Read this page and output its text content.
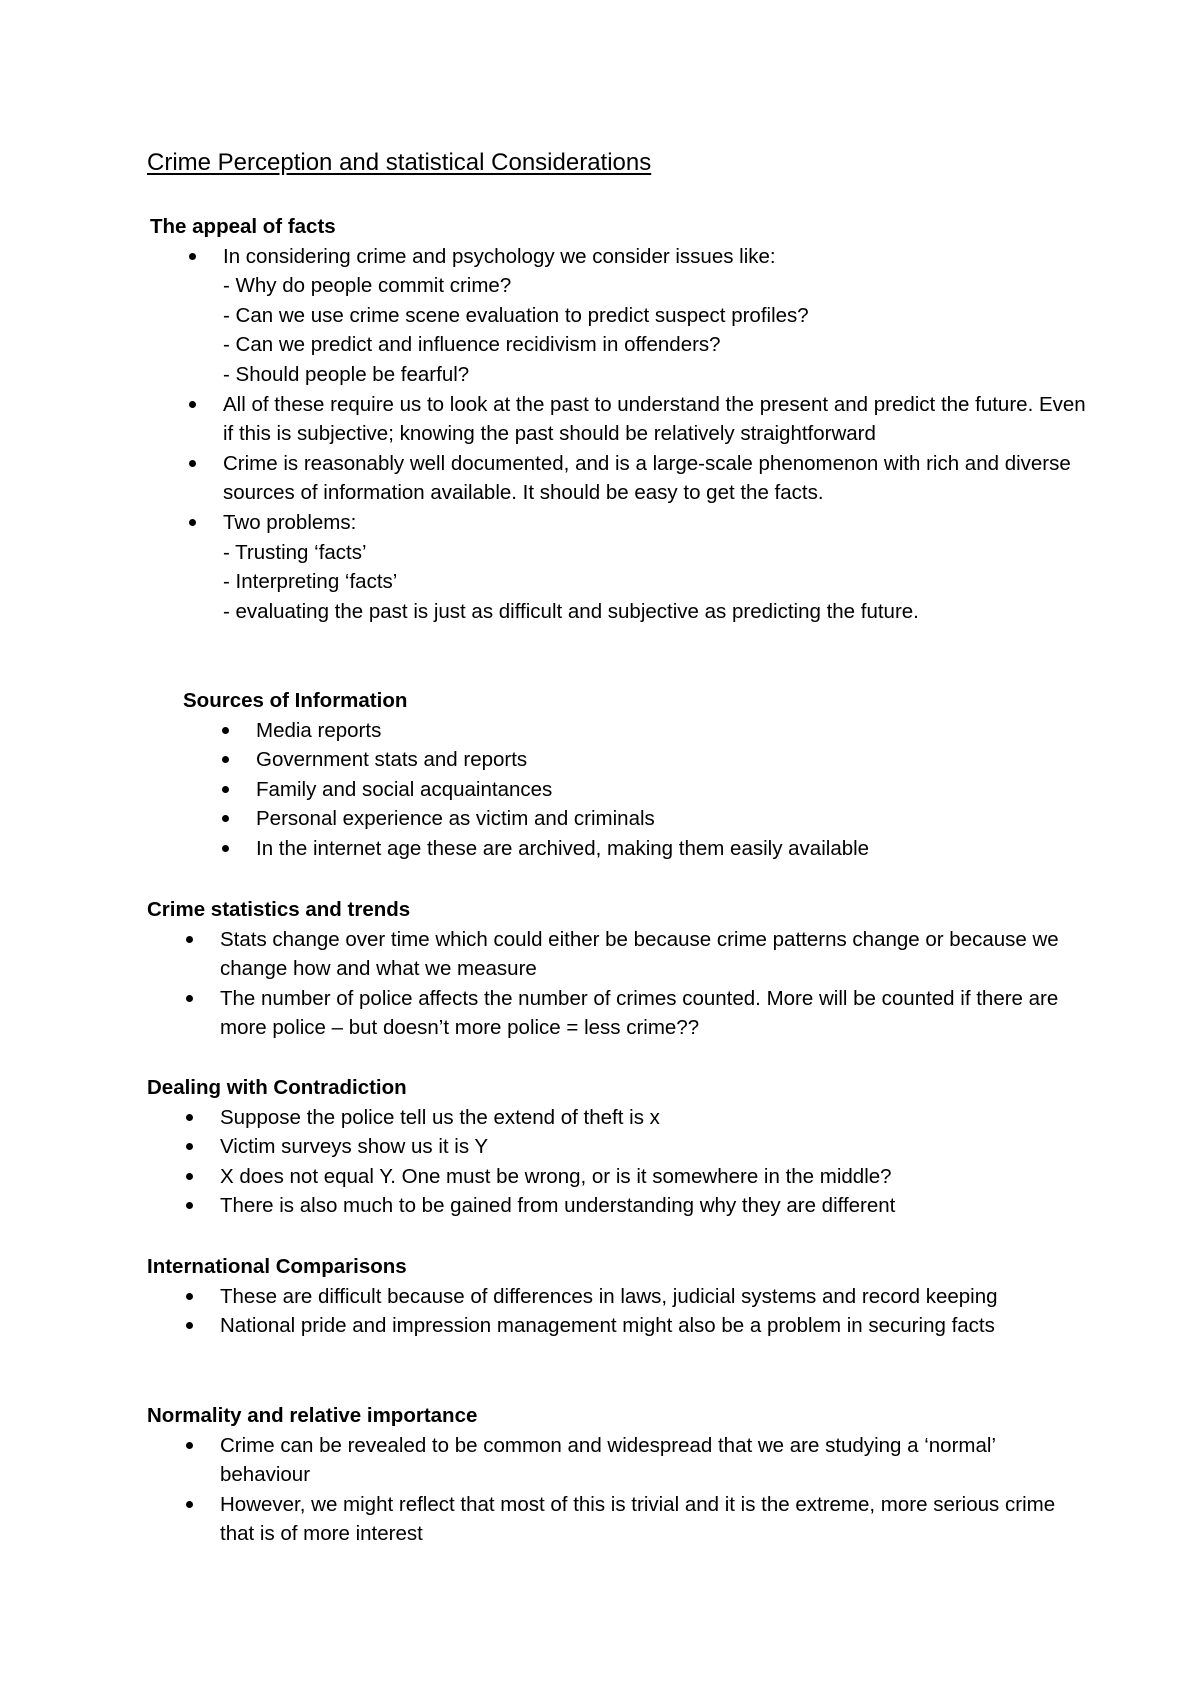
Crime Perception and statistical Considerations

The appeal of facts

In considering crime and psychology we consider issues like:
- Why do people commit crime?
- Can we use crime scene evaluation to predict suspect profiles?
- Can we predict and influence recidivism in offenders?
- Should people be fearful?
All of these require us to look at the past to understand the present and predict the future. Even if this is subjective; knowing the past should be relatively straightforward
Crime is reasonably well documented, and is a large-scale phenomenon with rich and diverse sources of information available. It should be easy to get the facts.
Two problems:
- Trusting ‘facts’
- Interpreting ‘facts’
- evaluating the past is just as difficult and subjective as predicting the future.

Sources of Information

Media reports
Government stats and reports
Family and social acquaintances
Personal experience as victim and criminals
In the internet age these are archived, making them easily available

Crime statistics and trends

Stats change over time which could either be because crime patterns change or because we change how and what we measure
The number of police affects the number of crimes counted. More will be counted if there are more police – but doesn’t more police = less crime??

Dealing with Contradiction

Suppose the police tell us the extend of theft is x
Victim surveys show us it is Y
X does not equal Y. One must be wrong, or is it somewhere in the middle?
There is also much to be gained from understanding why they are different

International Comparisons

These are difficult because of differences in laws, judicial systems and record keeping
National pride and impression management might also be a problem in securing facts

Normality and relative importance

Crime can be revealed to be common and widespread that we are studying a ‘normal’ behaviour
However, we might reflect that most of this is trivial and it is the extreme, more serious crime that is of more interest
